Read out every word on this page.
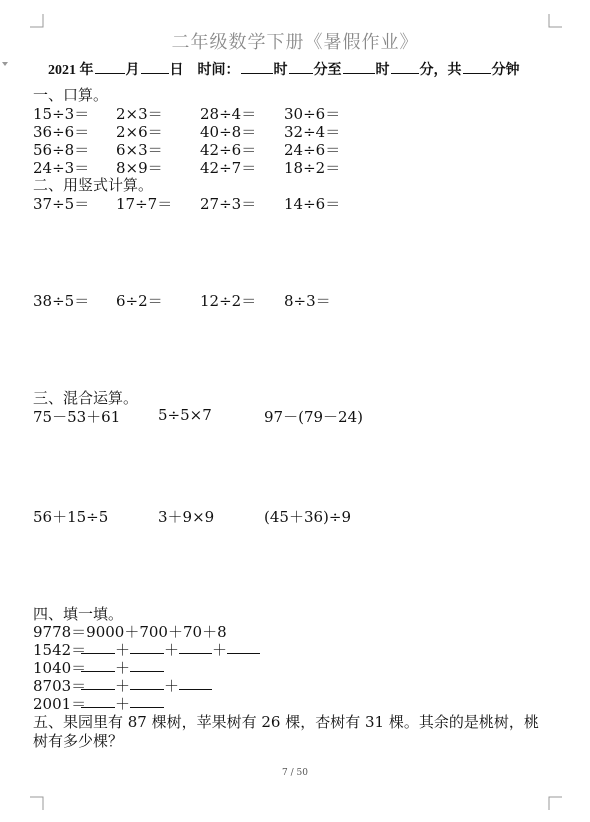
二年级数学下册《暑假作业》
2021 年 月 日 时间： 时 分至 时 分，共 分钟
一、口算。
15÷3＝ 2×3＝ 28÷4＝ 30÷6＝
36÷6＝ 2×6＝ 40÷8＝ 32÷4＝
56÷8＝ 6×3＝ 42÷6＝ 24÷6＝
24÷3＝ 8×9＝ 42÷7＝ 18÷2＝
二、用竖式计算。
37÷5＝ 17÷7＝ 27÷3＝ 14÷6＝
38÷5＝ 6÷2＝ 12÷2＝ 8÷3＝
三、混合运算。
75－53＋61	5÷5×7	97－(79－24)
56＋15÷5	3＋9×9	(45＋36)÷9
四、填一填。
9778＝9000＋700＋70＋8
1542＝ ＋ ＋ ＋
1040＝ ＋
8703＝ ＋ ＋
2001＝ ＋
五、果园里有 87 棵树，苹果树有 26 棵，杏树有 31 棵。其余的是桃树，桃
树有多少棵？
7 / 50
